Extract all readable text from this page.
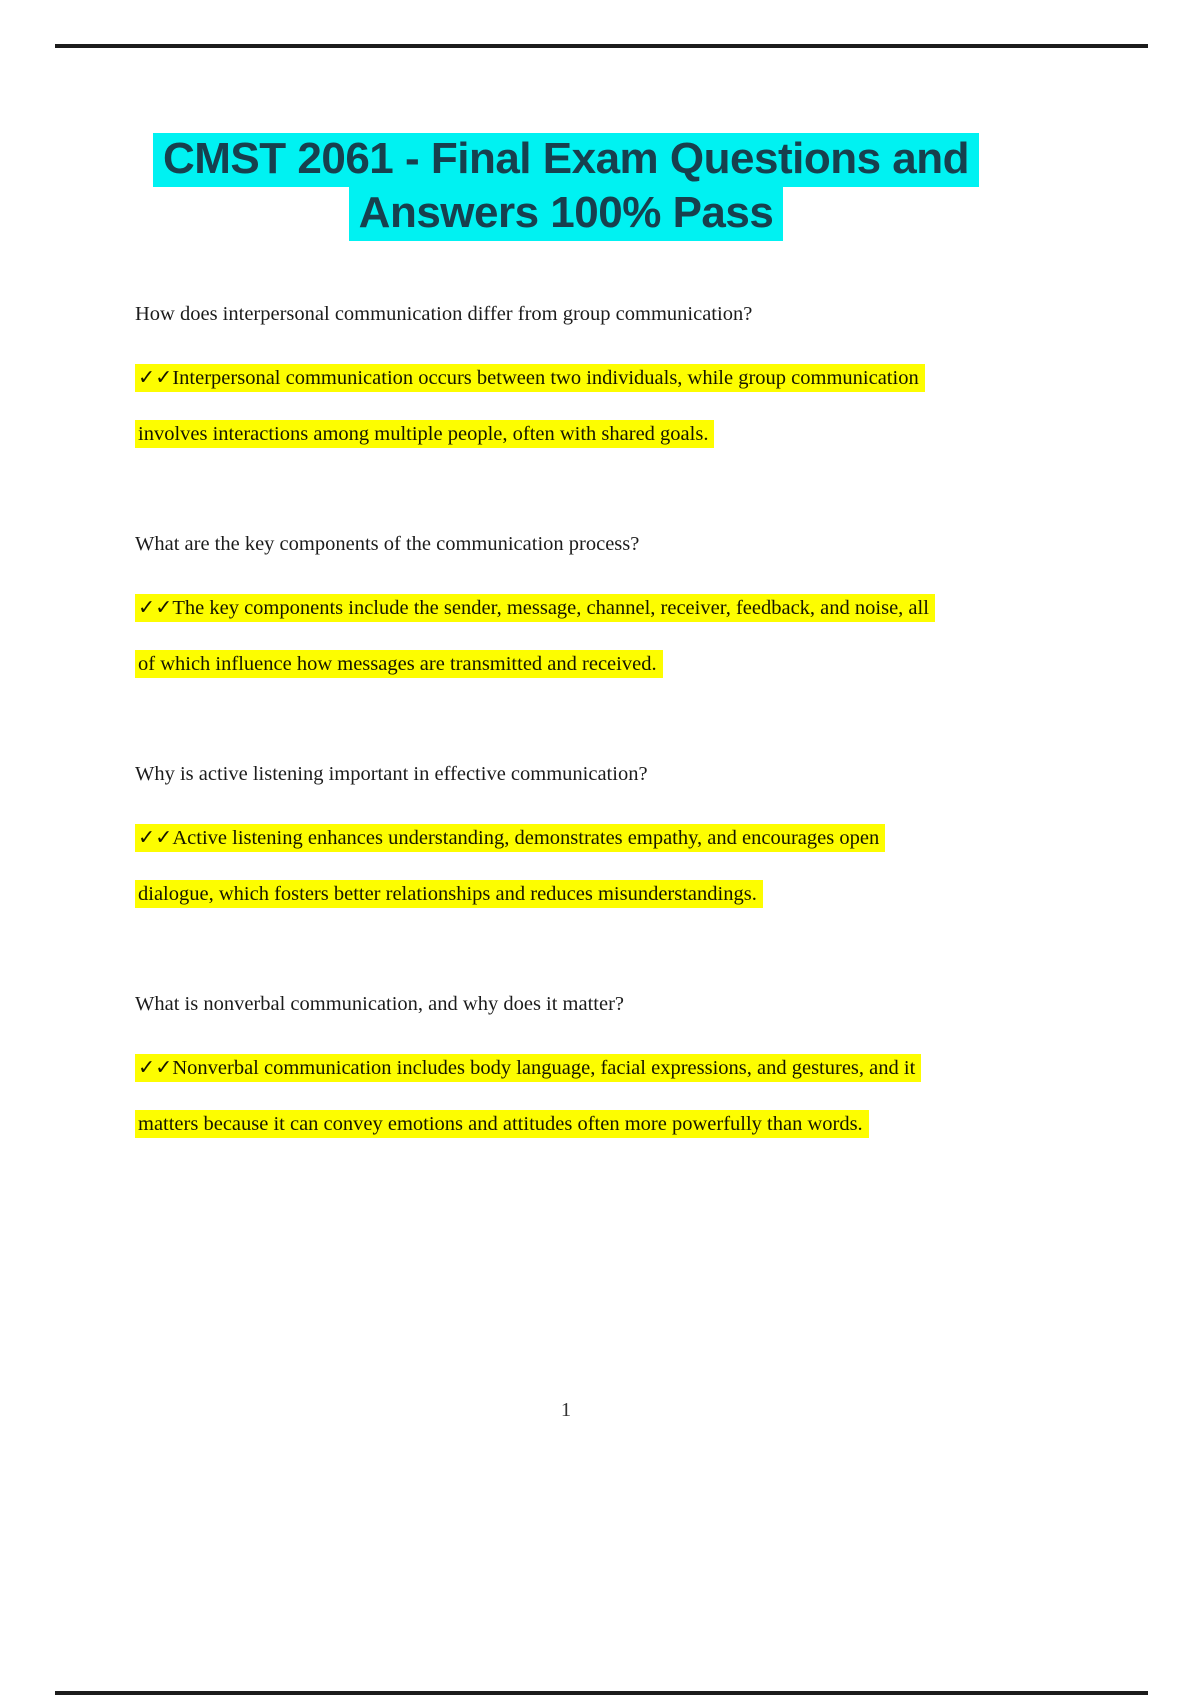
CMST 2061 - Final Exam Questions and
Answers 100% Pass
How does interpersonal communication differ from group communication?
✓✓Interpersonal communication occurs between two individuals, while group communication
involves interactions among multiple people, often with shared goals.
What are the key components of the communication process?
✓✓The key components include the sender, message, channel, receiver, feedback, and noise, all
of which influence how messages are transmitted and received.
Why is active listening important in effective communication?
✓✓Active listening enhances understanding, demonstrates empathy, and encourages open
dialogue, which fosters better relationships and reduces misunderstandings.
What is nonverbal communication, and why does it matter?
✓✓Nonverbal communication includes body language, facial expressions, and gestures, and it
matters because it can convey emotions and attitudes often more powerfully than words.
1
